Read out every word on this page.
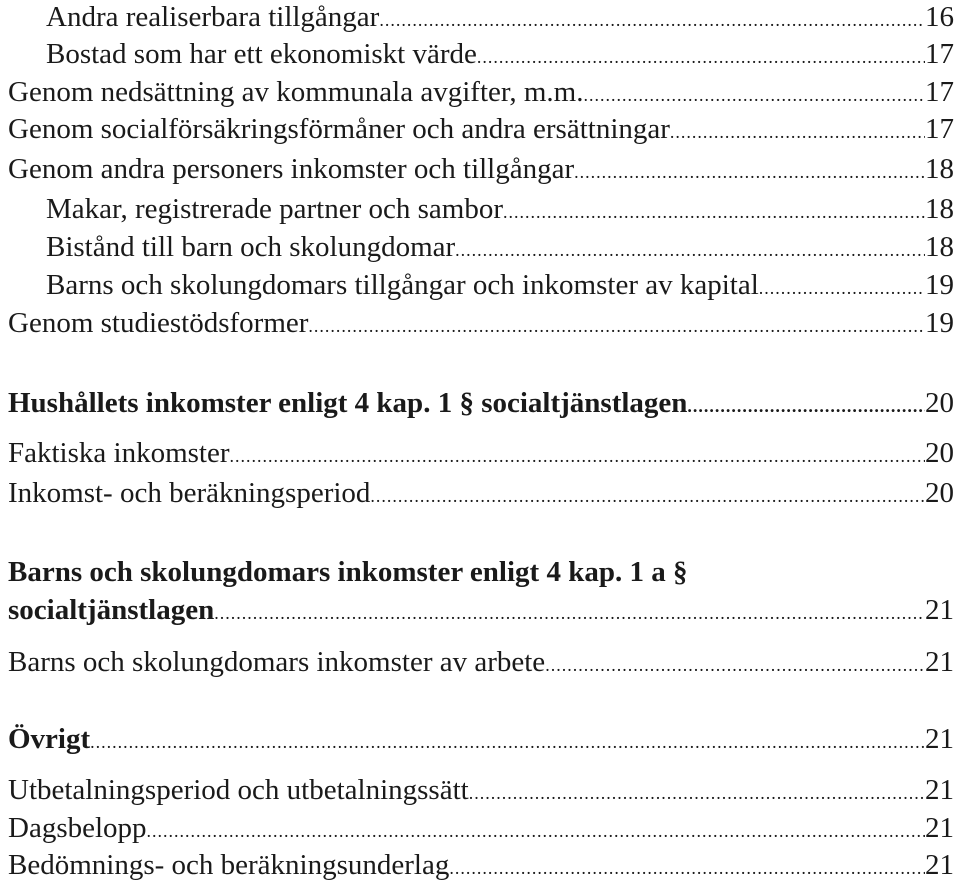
Andra realiserbara tillgångar .....	16
Bostad som har ett ekonomiskt värde .....	17
Genom nedsättning av kommunala avgifter, m.m. .....	17
Genom socialförsäkringsförmåner och andra ersättningar .....	17
Genom andra personers inkomster och tillgångar .....	18
Makar, registrerade partner och sambor .....	18
Bistånd till barn och skolungdomar .....	18
Barns och skolungdomars tillgångar och inkomster av kapital .....	19
Genom studiestödsformer .....	19
Hushållets inkomster enligt 4 kap. 1 § socialtjänstlagen .....	20
Faktiska inkomster .....	20
Inkomst- och beräkningsperiod .....	20
Barns och skolungdomars inkomster enligt 4 kap. 1 a §
socialtjänstlagen .....	21
Barns och skolungdomars inkomster av arbete .....	21
Övrigt .....	21
Utbetalningsperiod och utbetalningssätt .....	21
Dagsbelopp .....	21
Bedömnings- och beräkningsunderlag .....	21
